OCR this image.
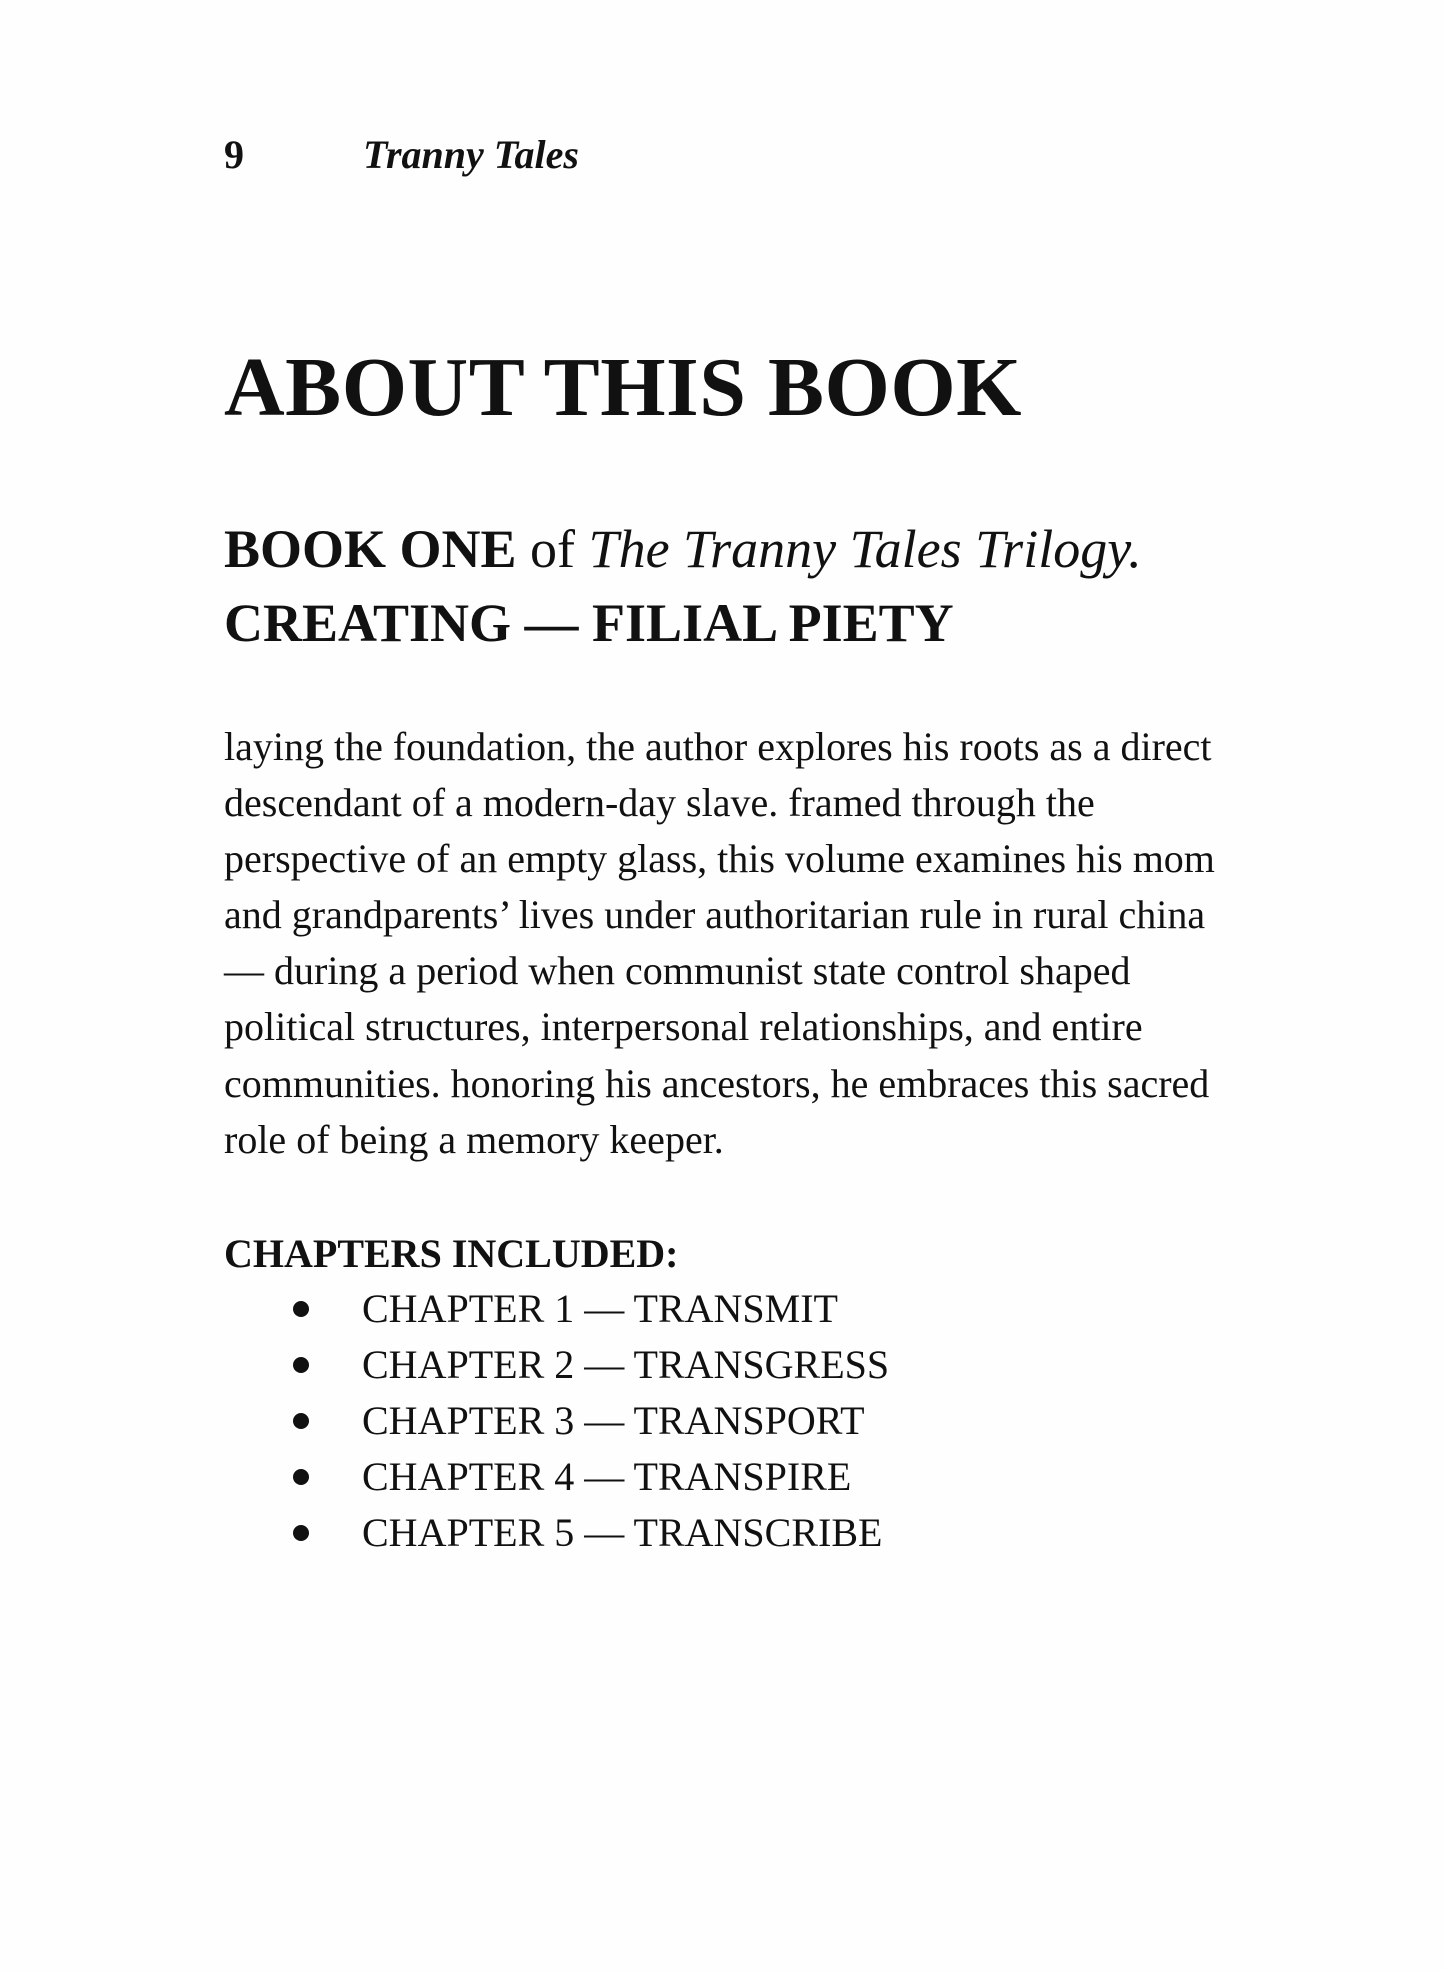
9	Tranny Tales
ABOUT THIS BOOK

BOOK ONE of The Tranny Tales Trilogy.

CREATING — FILIAL PIETY

laying the foundation, the author explores his roots as a direct
descendant of a modern-day slave. framed through the
perspective of an empty glass, this volume examines his mom
and grandparents’ lives under authoritarian rule in rural china
— during a period when communist state control shaped
political structures, interpersonal relationships, and entire
communities. honoring his ancestors, he embraces this sacred
role of being a memory keeper.

CHAPTERS INCLUDED:
CHAPTER 1 — TRANSMIT
CHAPTER 2 — TRANSGRESS
CHAPTER 3 — TRANSPORT
CHAPTER 4 — TRANSPIRE
CHAPTER 5 — TRANSCRIBE
